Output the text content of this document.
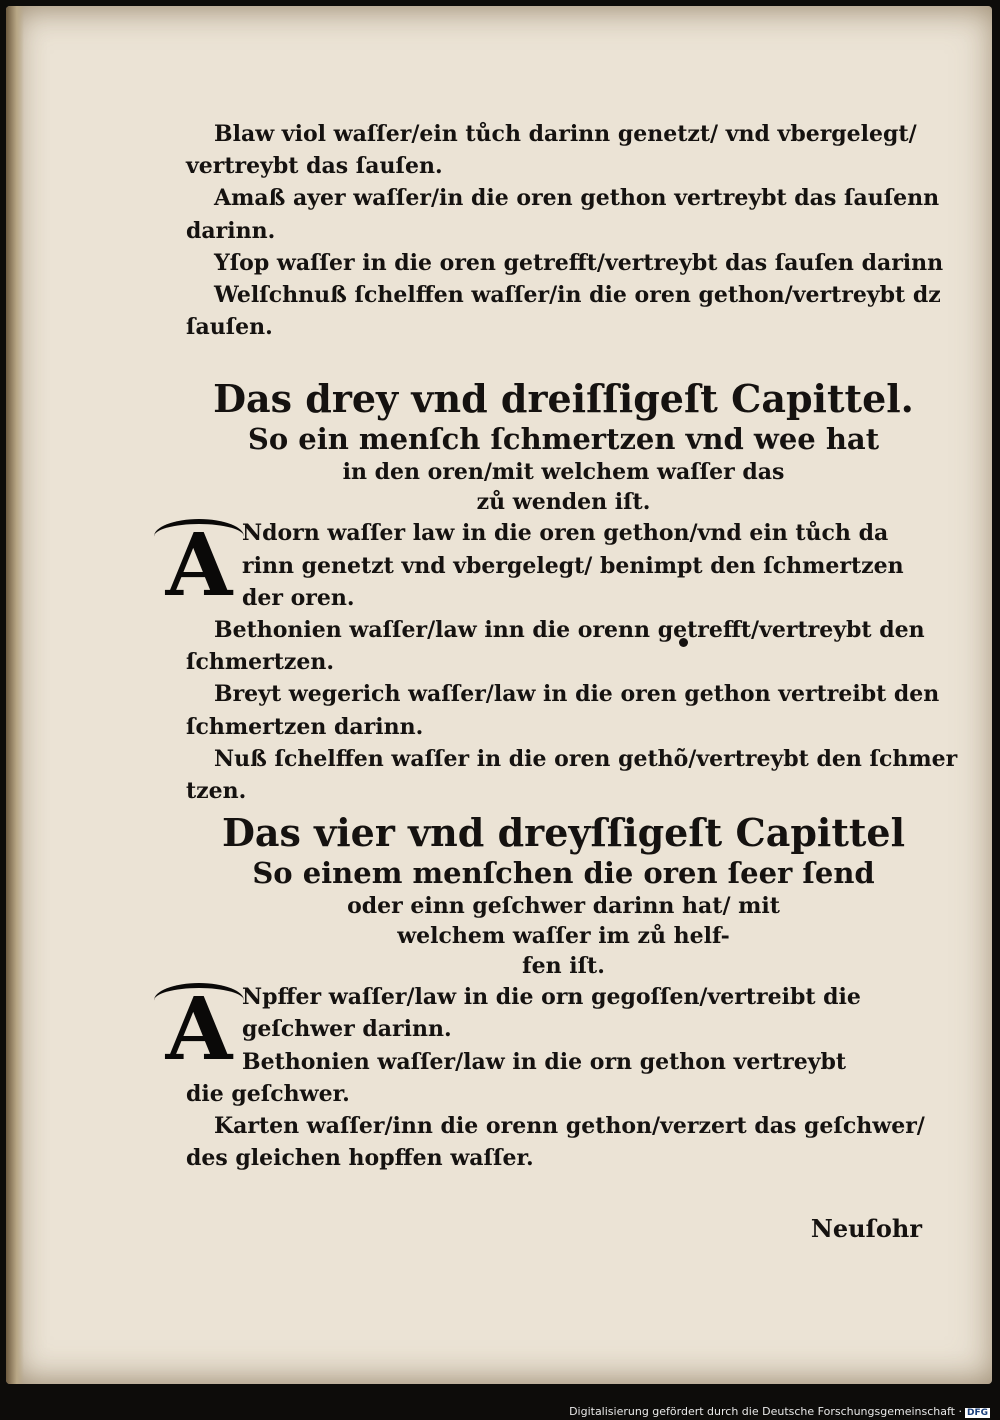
Blaw viol waſſer/ein tůch darinn genetzt/ vnd vbergelegt/
vertreybt das ſauſen.

Amaß ayer waſſer/in die oren gethon vertreybt das ſauſenn
darinn.

Yſop waſſer in die oren getrefft/vertreybt das ſauſen darinn

Welſchnuß ſchelffen waſſer/in die oren gethon/vertreybt dz
ſauſen.

Das drey vnd dreiſſigeſt Capittel.
So ein menſch ſchmertzen vnd wee hat
in den oren/mit welchem waſſer das
zů wenden iſt.

A Ndorn waſſer law in die oren gethon/vnd ein tůch da
rinn genetzt vnd vbergelegt/ benimpt den ſchmertzen
der oren.

Bethonien waſſer/law inn die orenn getrefft/vertreybt den
ſchmertzen.

Breyt wegerich waſſer/law in die oren gethon vertreibt den
ſchmertzen darinn.

Nuß ſchelffen waſſer in die oren gethõ/vertreybt den ſchmer
tzen.

Das vier vnd dreyſſigeſt Capittel
So einem menſchen die oren ſeer ſend
oder einn geſchwer darinn hat/ mit
welchem waſſer im zů helf-
fen iſt.

A Npffer waſſer/law in die orn gegoſſen/vertreibt die
geſchwer darinn.
Bethonien waſſer/law in die orn gethon vertreybt
die geſchwer.

Karten waſſer/inn die orenn gethon/verzert das geſchwer/
des gleichen hopffen waſſer.

Neuſohr
Digitalisierung gefördert durch die Deutsche Forschungsgemeinschaft · DFG
